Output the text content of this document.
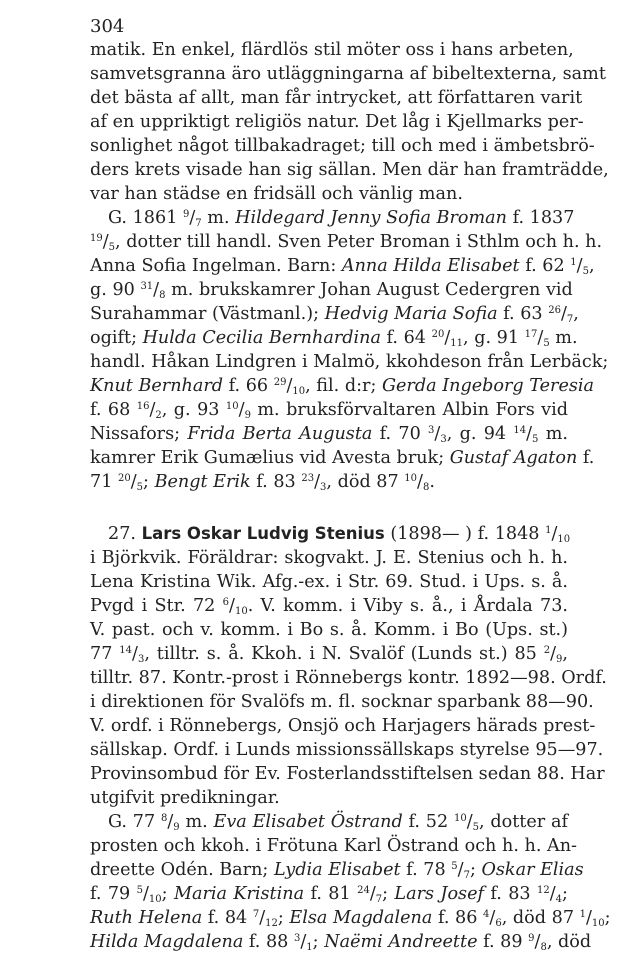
304
matik. En enkel, flärdlös stil möter oss i hans arbeten,
samvetsgranna äro utläggningarna af bibeltexterna, samt
det bästa af allt, man får intrycket, att författaren varit
af en uppriktigt religiös natur. Det låg i Kjellmarks per-
sonlighet något tillbakadraget; till och med i ämbetsbrö-
ders krets visade han sig sällan. Men där han framträdde,
var han städse en fridsäll och vänlig man.
G. 1861 $^9/_7$ m. Hildegard Jenny Sofia Broman f. 1837
$^{19}/_5$, dotter till handl. Sven Peter Broman i Sthlm och h. h.
Anna Sofia Ingelman. Barn: Anna Hilda Elisabet f. 62 $^1/_5$,
g. 90 $^{31}/_8$ m. brukskamrer Johan August Cedergren vid
Surahammar (Västmanl.); Hedvig Maria Sofia f. 63 $^{26}/_7$,
ogift; Hulda Cecilia Bernhardina f. 64 $^{20}/_{11}$, g. 91 $^{17}/_5$ m.
handl. Håkan Lindgren i Malmö, kkohdeson från Lerbäck;
Knut Bernhard f. 66 $^{29}/_{10}$, fil. d:r; Gerda Ingeborg Teresia
f. 68 $^{16}/_2$, g. 93 $^{10}/_9$ m. bruksförvaltaren Albin Fors vid
Nissafors; Frida Berta Augusta f. 70 $^3/_3$, g. 94 $^{14}/_5$ m.
kamrer Erik Gumælius vid Avesta bruk; Gustaf Agaton f.
71 $^{20}/_5$; Bengt Erik f. 83 $^{23}/_3$, död 87 $^{10}/_8$.
27. Lars Oskar Ludvig Stenius (1898— ) f. 1848 $^1/_{10}$
i Björkvik. Föräldrar: skogvakt. J. E. Stenius och h. h.
Lena Kristina Wik. Afg.-ex. i Str. 69. Stud. i Ups. s. å.
Pvgd i Str. 72 $^6/_{10}$. V. komm. i Viby s. å., i Årdala 73.
V. past. och v. komm. i Bo s. å. Komm. i Bo (Ups. st.)
77 $^{14}/_3$, tilltr. s. å. Kkoh. i N. Svalöf (Lunds st.) 85 $^2/_9$,
tilltr. 87. Kontr.-prost i Rönnebergs kontr. 1892—98. Ordf.
i direktionen för Svalöfs m. fl. socknar sparbank 88—90.
V. ordf. i Rönnebergs, Onsjö och Harjagers härads prest-
sällskap. Ordf. i Lunds missionssällskaps styrelse 95—97.
Provinsombud för Ev. Fosterlandsstiftelsen sedan 88. Har
utgifvit predikningar.
G. 77 $^8/_9$ m. Eva Elisabet Östrand f. 52 $^{10}/_5$, dotter af
prosten och kkoh. i Frötuna Karl Östrand och h. h. An-
dreette Odén. Barn; Lydia Elisabet f. 78 $^5/_7$; Oskar Elias
f. 79 $^5/_{10}$; Maria Kristina f. 81 $^{24}/_7$; Lars Josef f. 83 $^{12}/_4$;
Ruth Helena f. 84 $^7/_{12}$; Elsa Magdalena f. 86 $^4/_6$, död 87 $^1/_{10}$;
Hilda Magdalena f. 88 $^3/_1$; Naëmi Andreette f. 89 $^9/_8$, död
